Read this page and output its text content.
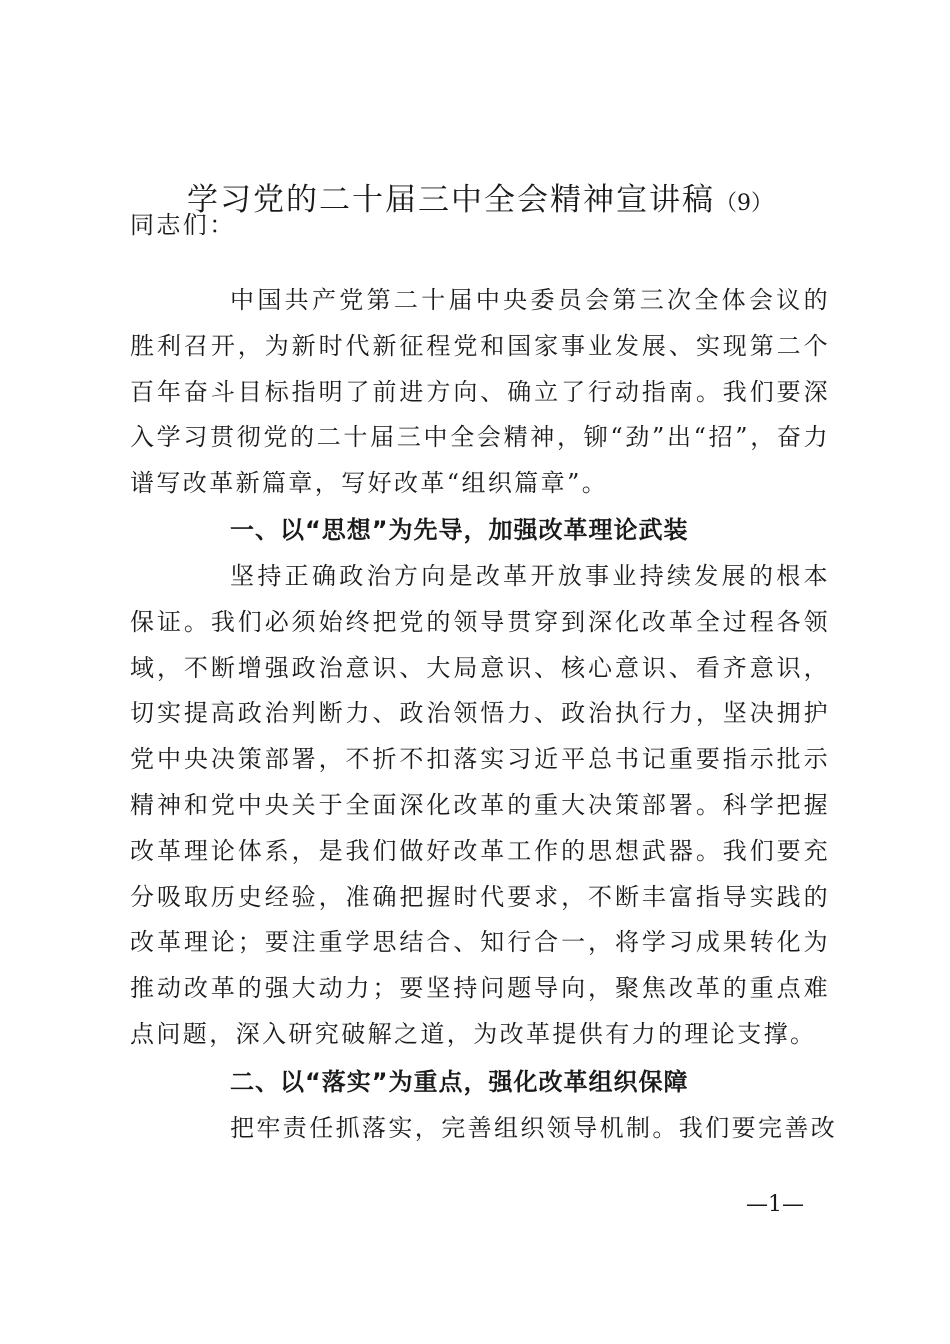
学习党的二十届三中全会精神宣讲稿（9）
同志们：
中国共产党第二十届中央委员会第三次全体会议的胜利召开，为新时代新征程党和国家事业发展、实现第二个百年奋斗目标指明了前进方向、确立了行动指南。我们要深入学习贯彻党的二十届三中全会精神，铆“劲”出“招”，奋力谱写改革新篇章，写好改革“组织篇章”。
一、以“思想”为先导，加强改革理论武装
坚持正确政治方向是改革开放事业持续发展的根本保证。我们必须始终把党的领导贯穿到深化改革全过程各领域，不断增强政治意识、大局意识、核心意识、看齐意识，切实提高政治判断力、政治领悟力、政治执行力，坚决拥护党中央决策部署，不折不扣落实习近平总书记重要指示批示精神和党中央关于全面深化改革的重大决策部署。科学把握改革理论体系，是我们做好改革工作的思想武器。我们要充分吸取历史经验，准确把握时代要求，不断丰富指导实践的改革理论；要注重学思结合、知行合一，将学习成果转化为推动改革的强大动力；要坚持问题导向，聚焦改革的重点难点问题，深入研究破解之道，为改革提供有力的理论支撑。
二、以“落实”为重点，强化改革组织保障
把牢责任抓落实，完善组织领导机制。我们要完善改
—1—
